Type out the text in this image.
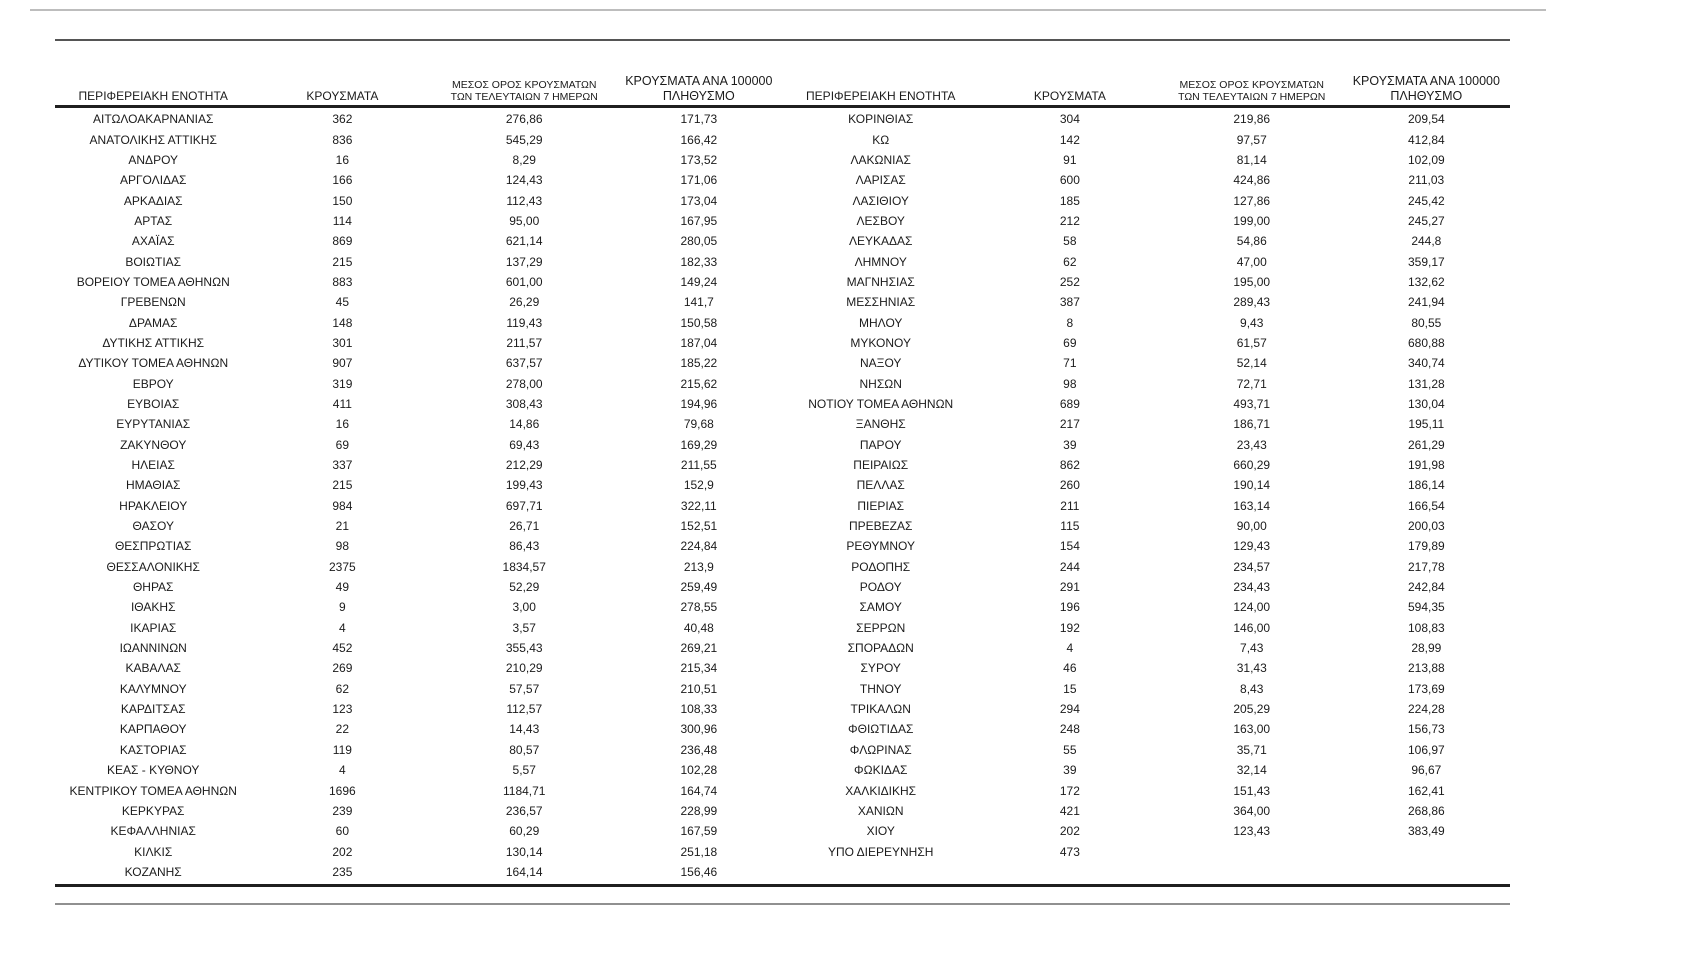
ΠΕΡΙΦΕΡΕΙΑΚΗ ΕΝΟΤΗΤΑ	ΚΡΟΥΣΜΑΤΑ
ΜΕΣΟΣ ΟΡΟΣ ΚΡΟΥΣΜΑΤΩΝ
ΤΩΝ ΤΕΛΕΥΤΑΙΩΝ 7 ΗΜΕΡΩΝ
ΚΡΟΥΣΜΑΤΑ ΑΝΑ 100000
ΠΛΗΘΥΣΜΟ
ΑΙΤΩΛΟΑΚΑΡΝΑΝΙΑΣ	362	276,86	171,73
ΑΝΑΤΟΛΙΚΗΣ ΑΤΤΙΚΗΣ	836	545,29	166,42
ΑΝΔΡΟΥ	16	8,29	173,52
ΑΡΓΟΛΙΔΑΣ	166	124,43	171,06
ΑΡΚΑΔΙΑΣ	150	112,43	173,04
ΑΡΤΑΣ	114	95,00	167,95
ΑΧΑΪΑΣ	869	621,14	280,05
ΒΟΙΩΤΙΑΣ	215	137,29	182,33
ΒΟΡΕΙΟΥ ΤΟΜΕΑ ΑΘΗΝΩΝ	883	601,00	149,24
ΓΡΕΒΕΝΩΝ	45	26,29	141,7
ΔΡΑΜΑΣ	148	119,43	150,58
ΔΥΤΙΚΗΣ ΑΤΤΙΚΗΣ	301	211,57	187,04
ΔΥΤΙΚΟΥ ΤΟΜΕΑ ΑΘΗΝΩΝ	907	637,57	185,22
ΕΒΡΟΥ	319	278,00	215,62
ΕΥΒΟΙΑΣ	411	308,43	194,96
ΕΥΡΥΤΑΝΙΑΣ	16	14,86	79,68
ΖΑΚΥΝΘΟΥ	69	69,43	169,29
ΗΛΕΙΑΣ	337	212,29	211,55
ΗΜΑΘΙΑΣ	215	199,43	152,9
ΗΡΑΚΛΕΙΟΥ	984	697,71	322,11
ΘΑΣΟΥ	21	26,71	152,51
ΘΕΣΠΡΩΤΙΑΣ	98	86,43	224,84
ΘΕΣΣΑΛΟΝΙΚΗΣ	2375	1834,57	213,9
ΘΗΡΑΣ	49	52,29	259,49
ΙΘΑΚΗΣ	9	3,00	278,55
ΙΚΑΡΙΑΣ	4	3,57	40,48
ΙΩΑΝΝΙΝΩΝ	452	355,43	269,21
ΚΑΒΑΛΑΣ	269	210,29	215,34
ΚΑΛΥΜΝΟΥ	62	57,57	210,51
ΚΑΡΔΙΤΣΑΣ	123	112,57	108,33
ΚΑΡΠΑΘΟΥ	22	14,43	300,96
ΚΑΣΤΟΡΙΑΣ	119	80,57	236,48
ΚΕΑΣ - ΚΥΘΝΟΥ	4	5,57	102,28
ΚΕΝΤΡΙΚΟΥ ΤΟΜΕΑ ΑΘΗΝΩΝ	1696	1184,71	164,74
ΚΕΡΚΥΡΑΣ	239	236,57	228,99
ΚΕΦΑΛΛΗΝΙΑΣ	60	60,29	167,59
ΚΙΛΚΙΣ	202	130,14	251,18
ΚΟΖΑΝΗΣ	235	164,14	156,46
ΠΕΡΙΦΕΡΕΙΑΚΗ ΕΝΟΤΗΤΑ	ΚΡΟΥΣΜΑΤΑ
ΜΕΣΟΣ ΟΡΟΣ ΚΡΟΥΣΜΑΤΩΝ
ΤΩΝ ΤΕΛΕΥΤΑΙΩΝ 7 ΗΜΕΡΩΝ
ΚΡΟΥΣΜΑΤΑ ΑΝΑ 100000
ΠΛΗΘΥΣΜΟ
ΚΟΡΙΝΘΙΑΣ	304	219,86	209,54
ΚΩ	142	97,57	412,84
ΛΑΚΩΝΙΑΣ	91	81,14	102,09
ΛΑΡΙΣΑΣ	600	424,86	211,03
ΛΑΣΙΘΙΟΥ	185	127,86	245,42
ΛΕΣΒΟΥ	212	199,00	245,27
ΛΕΥΚΑΔΑΣ	58	54,86	244,8
ΛΗΜΝΟΥ	62	47,00	359,17
ΜΑΓΝΗΣΙΑΣ	252	195,00	132,62
ΜΕΣΣΗΝΙΑΣ	387	289,43	241,94
ΜΗΛΟΥ	8	9,43	80,55
ΜΥΚΟΝΟΥ	69	61,57	680,88
ΝΑΞΟΥ	71	52,14	340,74
ΝΗΣΩΝ	98	72,71	131,28
ΝΟΤΙΟΥ ΤΟΜΕΑ ΑΘΗΝΩΝ	689	493,71	130,04
ΞΑΝΘΗΣ	217	186,71	195,11
ΠΑΡΟΥ	39	23,43	261,29
ΠΕΙΡΑΙΩΣ	862	660,29	191,98
ΠΕΛΛΑΣ	260	190,14	186,14
ΠΙΕΡΙΑΣ	211	163,14	166,54
ΠΡΕΒΕΖΑΣ	115	90,00	200,03
ΡΕΘΥΜΝΟΥ	154	129,43	179,89
ΡΟΔΟΠΗΣ	244	234,57	217,78
ΡΟΔΟΥ	291	234,43	242,84
ΣΑΜΟΥ	196	124,00	594,35
ΣΕΡΡΩΝ	192	146,00	108,83
ΣΠΟΡΑΔΩΝ	4	7,43	28,99
ΣΥΡΟΥ	46	31,43	213,88
ΤΗΝΟΥ	15	8,43	173,69
ΤΡΙΚΑΛΩΝ	294	205,29	224,28
ΦΘΙΩΤΙΔΑΣ	248	163,00	156,73
ΦΛΩΡΙΝΑΣ	55	35,71	106,97
ΦΩΚΙΔΑΣ	39	32,14	96,67
ΧΑΛΚΙΔΙΚΗΣ	172	151,43	162,41
ΧΑΝΙΩΝ	421	364,00	268,86
ΧΙΟΥ	202	123,43	383,49
ΥΠΟ ΔΙΕΡΕΥΝΗΣΗ	473
